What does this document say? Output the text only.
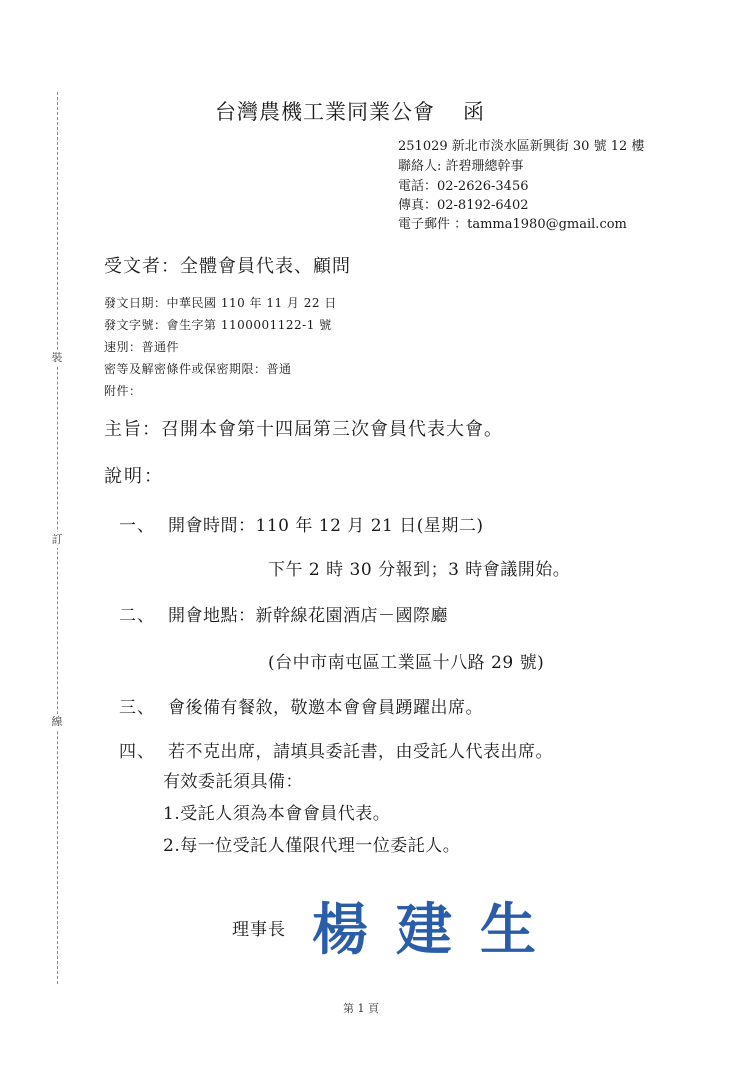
裝
訂
線
台灣農機工業同業公會 函
251029 新北市淡水區新興街 30 號 12 樓
聯絡人: 許碧珊總幹事
電話：02-2626-3456
傳真：02-8192-6402
電子郵件 ：tamma1980@gmail.com
受文者：全體會員代表、顧問
發文日期：中華民國 110 年 11 月 22 日
發文字號：會生字第 1100001122-1 號
速別：普通件
密等及解密條件或保密期限：普通
附件：
主旨：召開本會第十四屆第三次會員代表大會。
說明：
一、 開會時間：110 年 12 月 21 日(星期二)
下午 2 時 30 分報到；3 時會議開始。
二、 開會地點：新幹線花園酒店－國際廳
(台中市南屯區工業區十八路 29 號)
三、 會後備有餐敘，敬邀本會會員踴躍出席。
四、 若不克出席，請填具委託書，由受託人代表出席。
有效委託須具備：
1.受託人須為本會會員代表。
2.每一位受託人僅限代理一位委託人。
理事長 楊建生
第 1 頁
